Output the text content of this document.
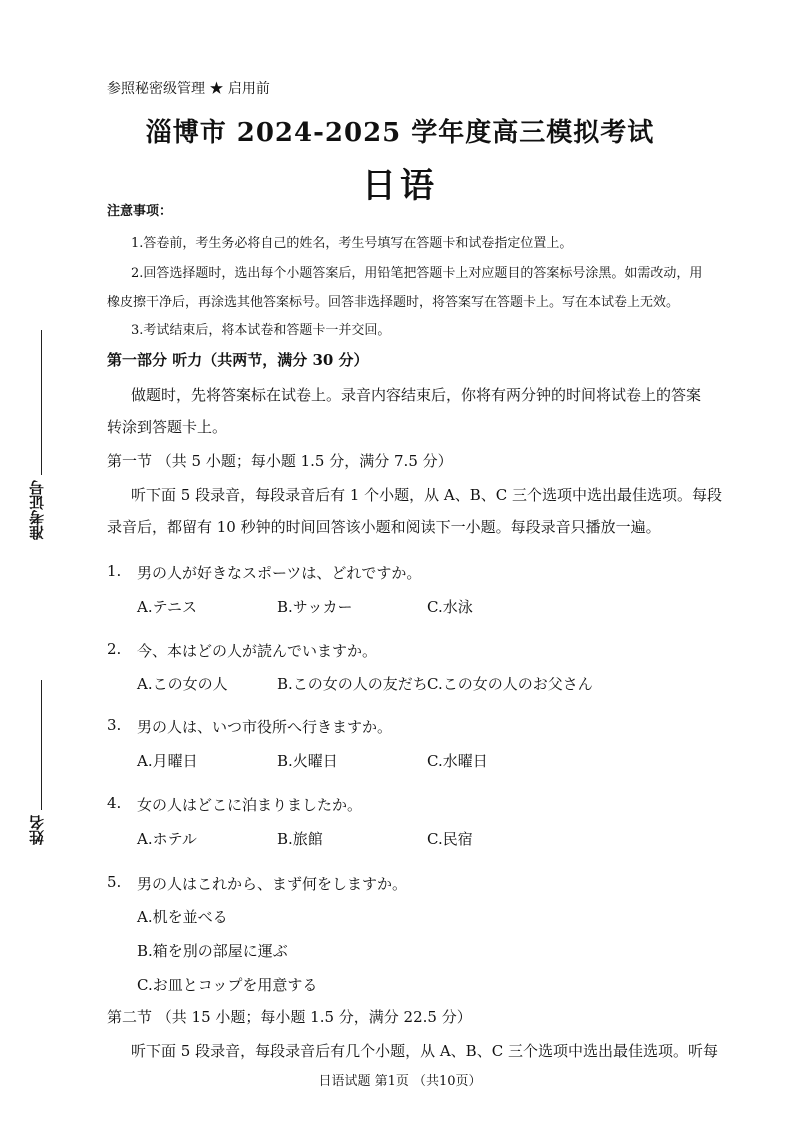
准考证号
姓名
参照秘密级管理 ★ 启用前
淄博市 2024-2025 学年度高三模拟考试
日语
注意事项：
1.答卷前，考生务必将自己的姓名，考生号填写在答题卡和试卷指定位置上。
2.回答选择题时，选出每个小题答案后，用铅笔把答题卡上对应题目的答案标号涂黑。如需改动，用
橡皮擦干净后，再涂选其他答案标号。回答非选择题时，将答案写在答题卡上。写在本试卷上无效。
3.考试结束后，将本试卷和答题卡一并交回。
第一部分 听力（共两节，满分 30 分）
做题时，先将答案标在试卷上。录音内容结束后，你将有两分钟的时间将试卷上的答案
转涂到答题卡上。
第一节 （共 5 小题；每小题 1.5 分，满分 7.5 分）
听下面 5 段录音，每段录音后有 1 个小题，从 A、B、C 三个选项中选出最佳选项。每段
录音后，都留有 10 秒钟的时间回答该小题和阅读下一小题。每段录音只播放一遍。
1. 男の人が好きなスポーツは、どれですか。
A.テニス	B.サッカー	C.水泳
2. 今、本はどの人が読んでいますか。
A.この女の人	B.この女の人の友だち C.この女の人のお父さん
3. 男の人は、いつ市役所へ行きますか。
A.月曜日	B.火曜日	C.水曜日
4. 女の人はどこに泊まりましたか。
A.ホテル	B.旅館	C.民宿
5. 男の人はこれから、まず何をしますか。
A.机を並べる
B.箱を別の部屋に運ぶ
C.お皿とコップを用意する
第二节 （共 15 小题；每小题 1.5 分，满分 22.5 分）
听下面 5 段录音，每段录音后有几个小题，从 A、B、C 三个选项中选出最佳选项。听每
日语试题 第1页 （共10页）
